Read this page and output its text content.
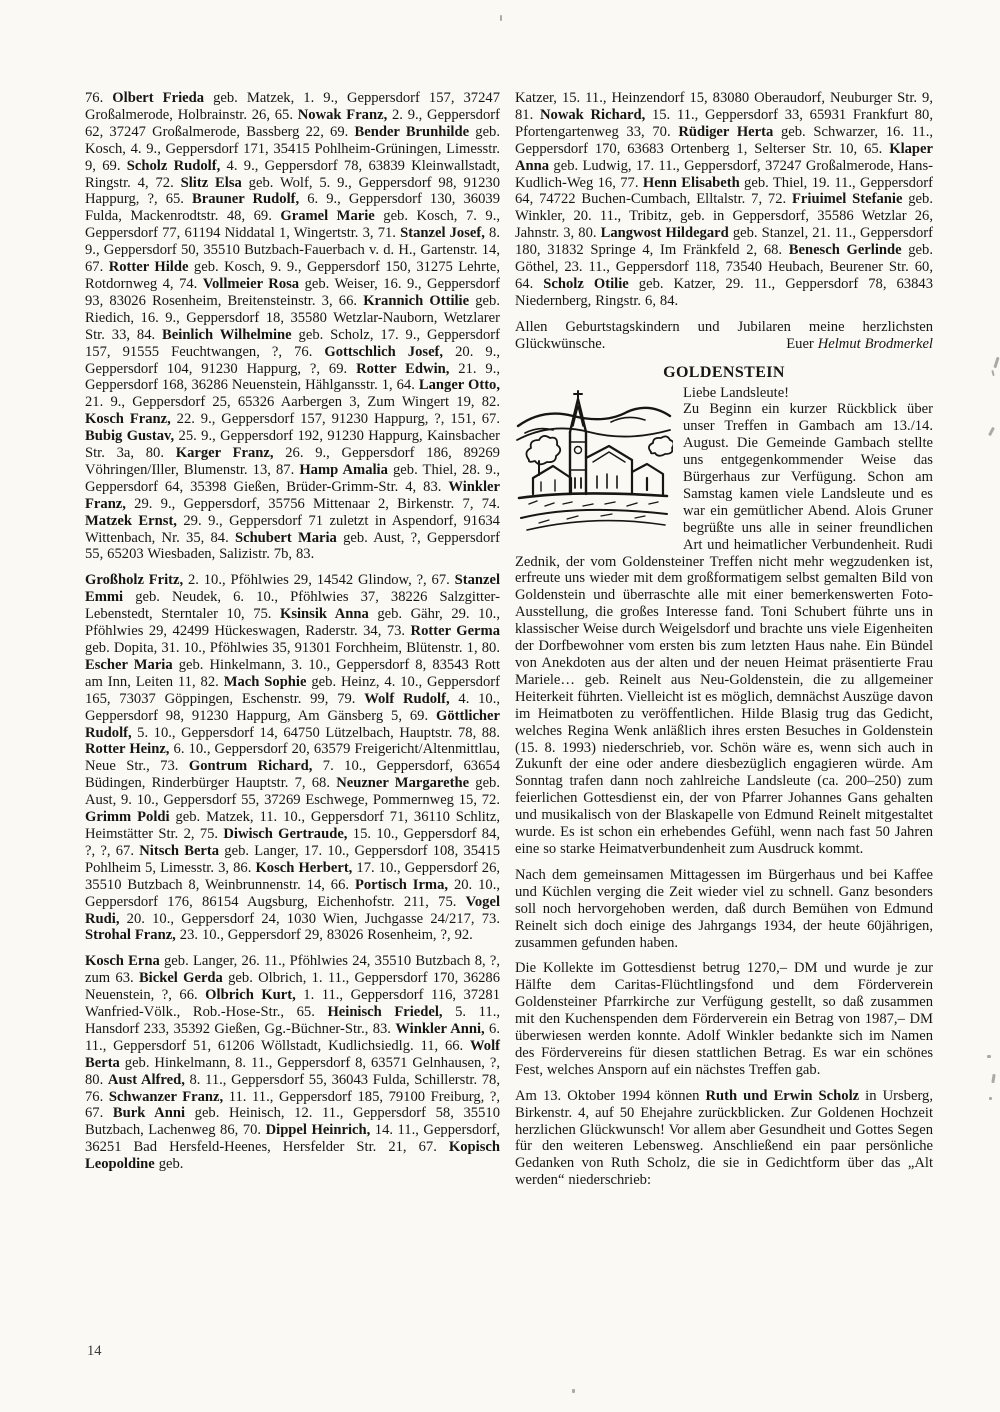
76. Olbert Frieda geb. Matzek, 1. 9., Geppersdorf 157, 37247 Großalmerode, Holbrainstr. 26, 65. Nowak Franz, 2. 9., Geppersdorf 62, 37247 Großalmerode, Bassberg 22, 69. Bender Brunhilde geb. Kosch, 4. 9., Geppersdorf 171, 35415 Pohlheim-Grüningen, Limesstr. 9, 69. Scholz Rudolf, 4. 9., Geppersdorf 78, 63839 Kleinwallstadt, Ringstr. 4, 72. Slitz Elsa geb. Wolf, 5. 9., Geppersdorf 98, 91230 Happurg, ?, 65. Brauner Rudolf, 6. 9., Geppersdorf 130, 36039 Fulda, Mackenrodtstr. 48, 69. Gramel Marie geb. Kosch, 7. 9., Geppersdorf 77, 61194 Niddatal 1, Wingertstr. 3, 71. Stanzel Josef, 8. 9., Geppersdorf 50, 35510 Butzbach-Fauerbach v. d. H., Gartenstr. 14, 67. Rotter Hilde geb. Kosch, 9. 9., Geppersdorf 150, 31275 Lehrte, Rotdornweg 4, 74. Vollmeier Rosa geb. Weiser, 16. 9., Geppersdorf 93, 83026 Rosenheim, Breitensteinstr. 3, 66. Krannich Ottilie geb. Riedich, 16. 9., Geppersdorf 18, 35580 Wetzlar-Nauborn, Wetzlarer Str. 33, 84. Beinlich Wilhelmine geb. Scholz, 17. 9., Geppersdorf 157, 91555 Feuchtwangen, ?, 76. Gottschlich Josef, 20. 9., Geppersdorf 104, 91230 Happurg, ?, 69. Rotter Edwin, 21. 9., Geppersdorf 168, 36286 Neuenstein, Hählgansstr. 1, 64. Langer Otto, 21. 9., Geppersdorf 25, 65326 Aarbergen 3, Zum Wingert 19, 82. Kosch Franz, 22. 9., Geppersdorf 157, 91230 Happurg, ?, 151, 67. Bubig Gustav, 25. 9., Geppersdorf 192, 91230 Happurg, Kainsbacher Str. 3a, 80. Karger Franz, 26. 9., Geppersdorf 186, 89269 Vöhringen/Iller, Blumenstr. 13, 87. Hamp Amalia geb. Thiel, 28. 9., Geppersdorf 64, 35398 Gießen, Brüder-Grimm-Str. 4, 83. Winkler Franz, 29. 9., Geppersdorf, 35756 Mittenaar 2, Birkenstr. 7, 74. Matzek Ernst, 29. 9., Geppersdorf 71 zuletzt in Aspendorf, 91634 Wittenbach, Nr. 35, 84. Schubert Maria geb. Aust, ?, Geppersdorf 55, 65203 Wiesbaden, Salizistr. 7b, 83.

Großholz Fritz, 2. 10., Pföhlwies 29, 14542 Glindow, ?, 67. Stanzel Emmi geb. Neudek, 6. 10., Pföhlwies 37, 38226 Salzgitter-Lebenstedt, Sterntaler 10, 75. Ksinsik Anna geb. Gähr, 29. 10., Pföhlwies 29, 42499 Hückeswagen, Raderstr. 34, 73. Rotter Germa geb. Dopita, 31. 10., Pföhlwies 35, 91301 Forchheim, Blütenstr. 1, 80. Escher Maria geb. Hinkelmann, 3. 10., Geppersdorf 8, 83543 Rott am Inn, Leiten 11, 82. Mach Sophie geb. Heinz, 4. 10., Geppersdorf 165, 73037 Göppingen, Eschenstr. 99, 79. Wolf Rudolf, 4. 10., Geppersdorf 98, 91230 Happurg, Am Gänsberg 5, 69. Göttlicher Rudolf, 5. 10., Geppersdorf 14, 64750 Lützelbach, Hauptstr. 78, 88. Rotter Heinz, 6. 10., Geppersdorf 20, 63579 Freigericht/Altenmittlau, Neue Str., 73. Gontrum Richard, 7. 10., Geppersdorf, 63654 Büdingen, Rinderbürger Hauptstr. 7, 68. Neuzner Margarethe geb. Aust, 9. 10., Geppersdorf 55, 37269 Eschwege, Pommernweg 15, 72. Grimm Poldi geb. Matzek, 11. 10., Geppersdorf 71, 36110 Schlitz, Heimstätter Str. 2, 75. Diwisch Gertraude, 15. 10., Geppersdorf 84, ?, ?, 67. Nitsch Berta geb. Langer, 17. 10., Geppersdorf 108, 35415 Pohlheim 5, Limesstr. 3, 86. Kosch Herbert, 17. 10., Geppersdorf 26, 35510 Butzbach 8, Weinbrunnenstr. 14, 66. Portisch Irma, 20. 10., Geppersdorf 176, 86154 Augsburg, Eichenhofstr. 211, 75. Vogel Rudi, 20. 10., Geppersdorf 24, 1030 Wien, Juchgasse 24/217, 73. Strohal Franz, 23. 10., Geppersdorf 29, 83026 Rosenheim, ?, 92.

Kosch Erna geb. Langer, 26. 11., Pföhlwies 24, 35510 Butzbach 8, ?, zum 63. Bickel Gerda geb. Olbrich, 1. 11., Geppersdorf 170, 36286 Neuenstein, ?, 66. Olbrich Kurt, 1. 11., Geppersdorf 116, 37281 Wanfried-Völk., Rob.-Hose-Str., 65. Heinisch Friedel, 5. 11., Hansdorf 233, 35392 Gießen, Gg.-Büchner-Str., 83. Winkler Anni, 6. 11., Geppersdorf 51, 61206 Wöllstadt, Kudlichsiedlg. 11, 66. Wolf Berta geb. Hinkelmann, 8. 11., Geppersdorf 8, 63571 Gelnhausen, ?, 80. Aust Alfred, 8. 11., Geppersdorf 55, 36043 Fulda, Schillerstr. 78, 76. Schwanzer Franz, 11. 11., Geppersdorf 185, 79100 Freiburg, ?, 67. Burk Anni geb. Heinisch, 12. 11., Geppersdorf 58, 35510 Butzbach, Lachenweg 86, 70. Dippel Heinrich, 14. 11., Geppersdorf, 36251 Bad Hersfeld-Heenes, Hersfelder Str. 21, 67. Kopisch Leopoldine geb.

Katzer, 15. 11., Heinzendorf 15, 83080 Oberaudorf, Neuburger Str. 9, 81. Nowak Richard, 15. 11., Geppersdorf 33, 65931 Frankfurt 80, Pfortengartenweg 33, 70. Rüdiger Herta geb. Schwarzer, 16. 11., Geppersdorf 170, 63683 Ortenberg 1, Selterser Str. 10, 65. Klaper Anna geb. Ludwig, 17. 11., Geppersdorf, 37247 Großalmerode, Hans-Kudlich-Weg 16, 77. Henn Elisabeth geb. Thiel, 19. 11., Geppersdorf 64, 74722 Buchen-Cumbach, Elltalstr. 7, 72. Friuimel Stefanie geb. Winkler, 20. 11., Tribitz, geb. in Geppersdorf, 35586 Wetzlar 26, Jahnstr. 3, 80. Langwost Hildegard geb. Stanzel, 21. 11., Geppersdorf 180, 31832 Springe 4, Im Fränkfeld 2, 68. Benesch Gerlinde geb. Göthel, 23. 11., Geppersdorf 118, 73540 Heubach, Beurener Str. 60, 64. Scholz Otilie geb. Katzer, 29. 11., Geppersdorf 78, 63843 Niedernberg, Ringstr. 6, 84.

Allen Geburtstagskindern und Jubilaren meine herzlichsten
Glückwünsche.	Euer Helmut Brodmerkel
GOLDENSTEIN
Liebe Landsleute!

Zu Beginn ein kurzer Rückblick über unser Treffen in Gambach am 13./14. August. Die Gemeinde Gambach stellte uns entgegenkommender Weise das Bürgerhaus zur Verfügung. Schon am Samstag kamen viele Landsleute und es war ein gemütlicher Abend. Alois Gruner begrüßte uns alle in seiner freundlichen Art und heimatlicher Verbundenheit. Rudi Zednik, der vom Goldensteiner Treffen nicht mehr wegzudenken ist, erfreute uns wieder mit dem großformatigem selbst gemalten Bild von Goldenstein und überraschte alle mit einer bemerkenswerten Foto-Ausstellung, die großes Interesse fand. Toni Schubert führte uns in klassischer Weise durch Weigelsdorf und brachte uns viele Eigenheiten der Dorfbewohner vom ersten bis zum letzten Haus nahe. Ein Bündel von Anekdoten aus der alten und der neuen Heimat präsentierte Frau Mariele… geb. Reinelt aus Neu-Goldenstein, die zu allgemeiner Heiterkeit führten. Vielleicht ist es möglich, demnächst Auszüge davon im Heimatboten zu veröffentlichen. Hilde Blasig trug das Gedicht, welches Regina Wenk anläßlich ihres ersten Besuches in Goldenstein (15. 8. 1993) niederschrieb, vor. Schön wäre es, wenn sich auch in Zukunft der eine oder andere diesbezüglich engagieren würde. Am Sonntag trafen dann noch zahlreiche Landsleute (ca. 200–250) zum feierlichen Gottesdienst ein, der von Pfarrer Johannes Gans gehalten und musikalisch von der Blaskapelle von Edmund Reinelt mitgestaltet wurde. Es ist schon ein erhebendes Gefühl, wenn nach fast 50 Jahren eine so starke Heimatverbundenheit zum Ausdruck kommt.

Nach dem gemeinsamen Mittagessen im Bürgerhaus und bei Kaffee und Küchlen verging die Zeit wieder viel zu schnell. Ganz besonders soll noch hervorgehoben werden, daß durch Bemühen von Edmund Reinelt sich doch einige des Jahrgangs 1934, der heute 60jährigen, zusammen gefunden haben.

Die Kollekte im Gottesdienst betrug 1270,– DM und wurde je zur Hälfte dem Caritas-Flüchtlingsfond und dem Förderverein Goldensteiner Pfarrkirche zur Verfügung gestellt, so daß zusammen mit den Kuchenspenden dem Förderverein ein Betrag von 1987,– DM überwiesen werden konnte. Adolf Winkler bedankte sich im Namen des Fördervereins für diesen stattlichen Betrag. Es war ein schönes Fest, welches Ansporn auf ein nächstes Treffen gab.

Am 13. Oktober 1994 können Ruth und Erwin Scholz in Ursberg, Birkenstr. 4, auf 50 Ehejahre zurückblicken. Zur Goldenen Hochzeit herzlichen Glückwunsch! Vor allem aber Gesundheit und Gottes Segen für den weiteren Lebensweg. Anschließend ein paar persönliche Gedanken von Ruth Scholz, die sie in Gedichtform über das „Alt werden“ niederschrieb:

14
